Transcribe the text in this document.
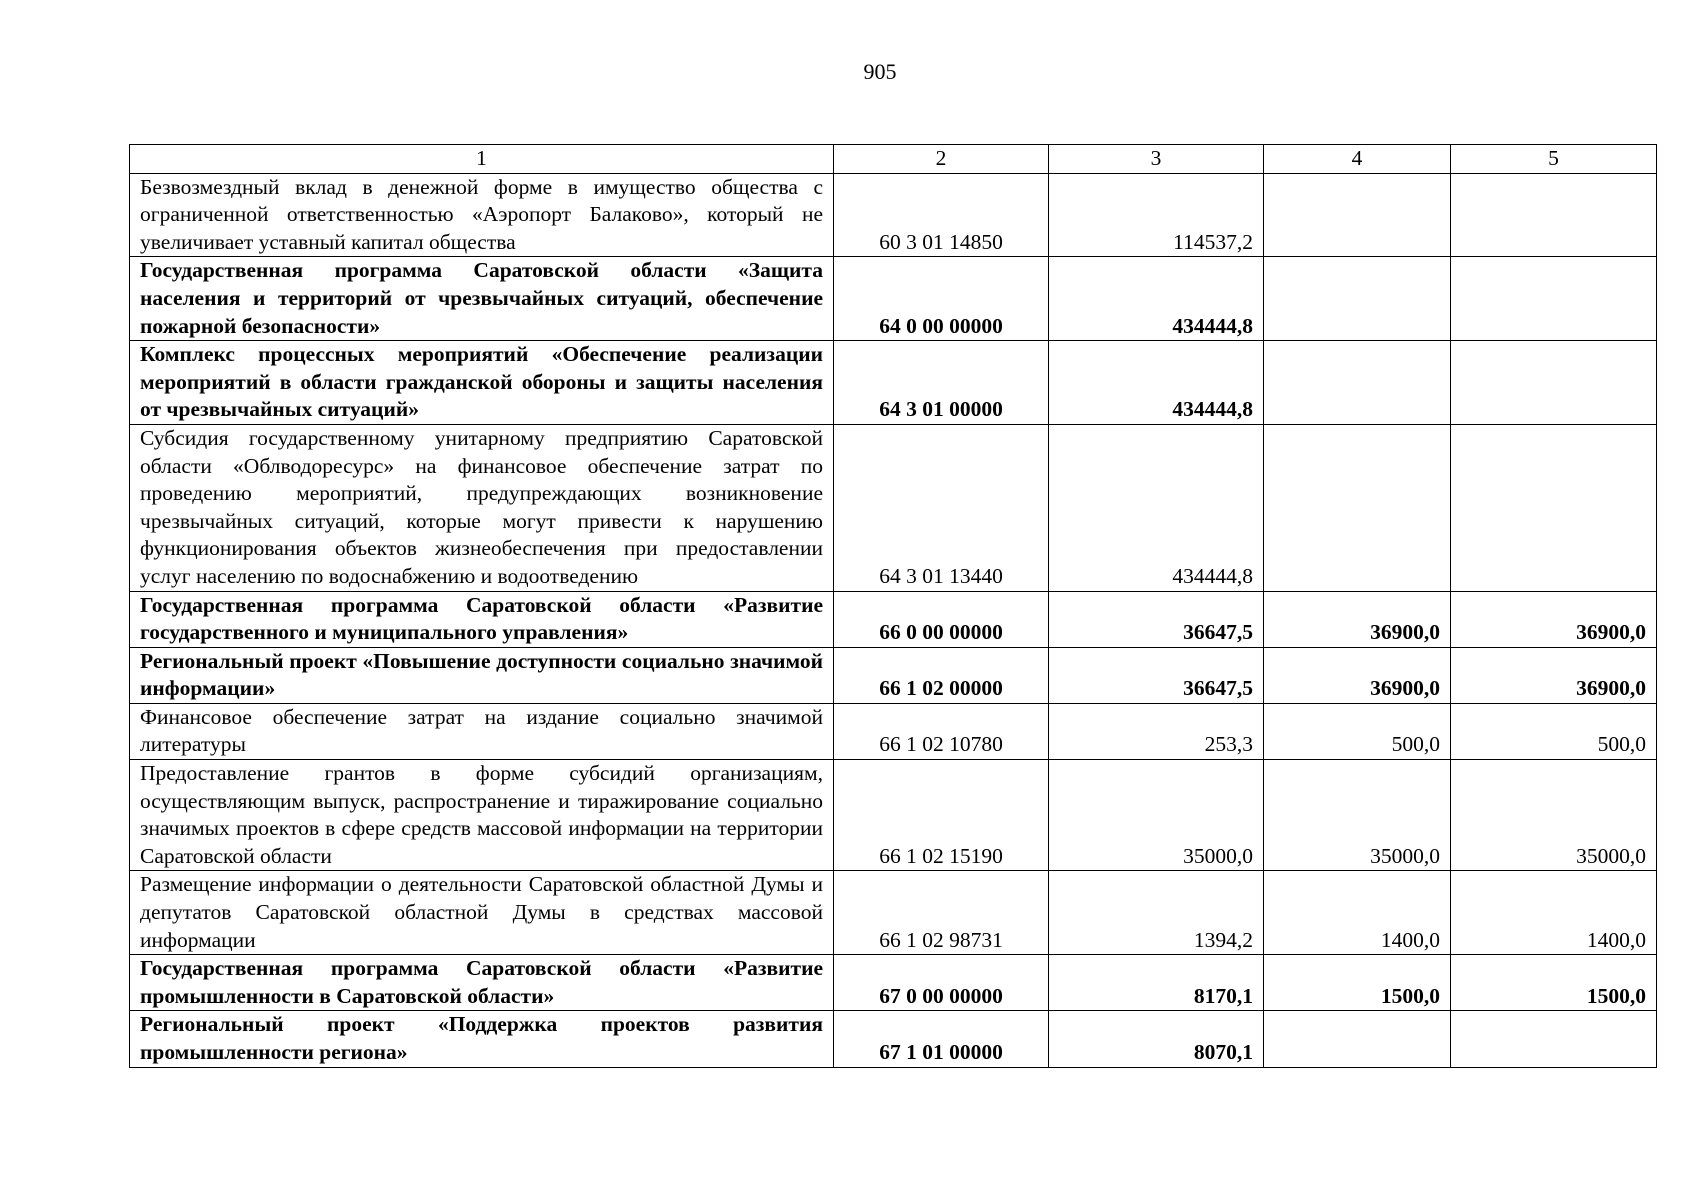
905
1	2	3	4	5
Безвозмездный вклад в денежной форме в имущество общества с ограниченной ответственностью «Аэропорт Балаково», который не увеличивает уставный капитал общества	60 3 01 14850	114537,2		
Государственная программа Саратовской области «Защита населения и территорий от чрезвычайных ситуаций, обеспечение пожарной безопасности»	64 0 00 00000	434444,8		
Комплекс процессных мероприятий «Обеспечение реализации мероприятий в области гражданской обороны и защиты населения от чрезвычайных ситуаций»	64 3 01 00000	434444,8		
Субсидия государственному унитарному предприятию Саратовской области «Облводоресурс» на финансовое обеспечение затрат по проведению мероприятий, предупреждающих возникновение чрезвычайных ситуаций, которые могут привести к нарушению функционирования объектов жизнеобеспечения при предоставлении услуг населению по водоснабжению и водоотведению	64 3 01 13440	434444,8		
Государственная программа Саратовской области «Развитие государственного и муниципального управления»	66 0 00 00000	36647,5	36900,0	36900,0
Региональный проект «Повышение доступности социально значимой информации»	66 1 02 00000	36647,5	36900,0	36900,0
Финансовое обеспечение затрат на издание социально значимой литературы	66 1 02 10780	253,3	500,0	500,0
Предоставление грантов в форме субсидий организациям, осуществляющим выпуск, распространение и тиражирование социально значимых проектов в сфере средств массовой информации на территории Саратовской области	66 1 02 15190	35000,0	35000,0	35000,0
Размещение информации о деятельности Саратовской областной Думы и депутатов Саратовской областной Думы в средствах массовой информации	66 1 02 98731	1394,2	1400,0	1400,0
Государственная программа Саратовской области «Развитие промышленности в Саратовской области»	67 0 00 00000	8170,1	1500,0	1500,0
Региональный проект «Поддержка проектов развития промышленности региона»	67 1 01 00000	8070,1		
